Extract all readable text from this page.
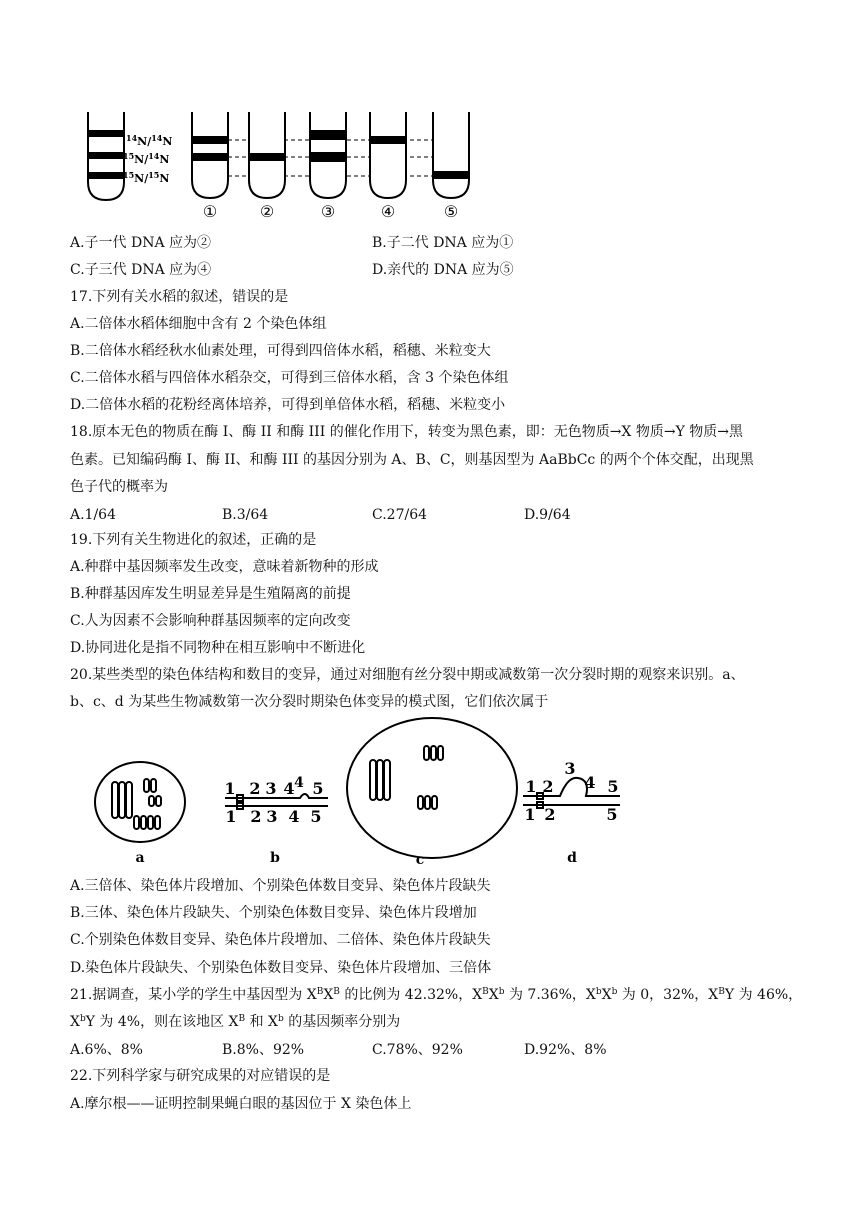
$^{14}$N/$^{14}$N
$^{15}$N/$^{14}$N
$^{15}$N/$^{15}$N
①	②	③	④	⑤
A.子一代 DNA 应为②	B.子二代 DNA 应为①
C.子三代 DNA 应为④	D.亲代的 DNA 应为⑤
17.下列有关水稻的叙述，错误的是
A.二倍体水稻体细胞中含有 2 个染色体组
B.二倍体水稻经秋水仙素处理，可得到四倍体水稻，稻穗、米粒变大
C.二倍体水稻与四倍体水稻杂交，可得到三倍体水稻，含 3 个染色体组
D.二倍体水稻的花粉经离体培养，可得到单倍体水稻，稻穗、米粒变小
18.原本无色的物质在酶 I、酶 II 和酶 III 的催化作用下，转变为黑色素，即：无色物质→X 物质→Y 物质→黑
色素。已知编码酶 I、酶 II、和酶 III 的基因分别为 A、B、C，则基因型为 AaBbCc 的两个个体交配，出现黑
色子代的概率为
A.1/64	B.3/64	C.27/64	D.9/64
19.下列有关生物进化的叙述，正确的是
A.种群中基因频率发生改变，意味着新物种的形成
B.种群基因库发生明显差异是生殖隔离的前提
C.人为因素不会影响种群基因频率的定向改变
D.协同进化是指不同物种在相互影响中不断进化
20.某些类型的染色体结构和数目的变异，通过对细胞有丝分裂中期或减数第一次分裂时期的观察来识别。a、
b、c、d 为某些生物减数第一次分裂时期染色体变异的模式图，它们依次属于
a
1 2 3 4 4 5
1 2 3 4 5
b	c
1 2
3
4 5
1 2	5
d
A.三倍体、染色体片段增加、个别染色体数目变异、染色体片段缺失
B.三体、染色体片段缺失、个别染色体数目变异、染色体片段增加
C.个别染色体数目变异、染色体片段增加、二倍体、染色体片段缺失
D.染色体片段缺失、个别染色体数目变异、染色体片段增加、三倍体
21.据调查，某小学的学生中基因型为 $X^BX^B$ 的比例为 42.32%，$X^BX^b$ 为 7.36%，$X^bX^b$ 为 0，32%，$X^BY$ 为 46%，
$X^bY$ 为 4%，则在该地区 $X^B$ 和 $X^b$ 的基因频率分别为
A.6%、8%	B.8%、92%	C.78%、92%	D.92%、8%
22.下列科学家与研究成果的对应错误的是
A.摩尔根——证明控制果蝇白眼的基因位于 X 染色体上
